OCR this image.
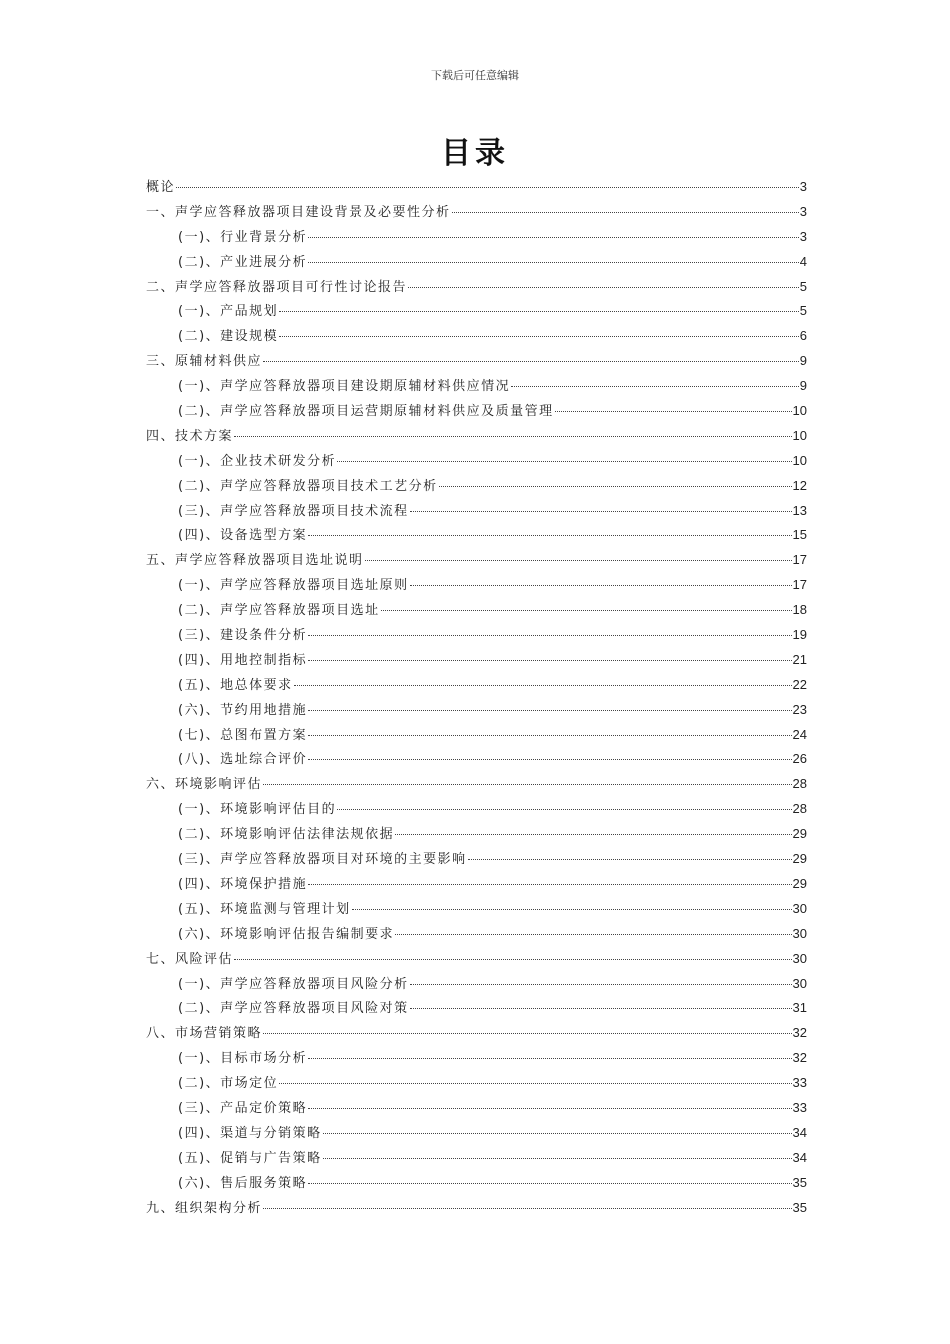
下载后可任意编辑
目录
概论	3
一、声学应答释放器项目建设背景及必要性分析	3
(一)、行业背景分析	3
(二)、产业进展分析	4
二、声学应答释放器项目可行性讨论报告	5
(一)、产品规划	5
(二)、建设规模	6
三、原辅材料供应	9
(一)、声学应答释放器项目建设期原辅材料供应情况	9
(二)、声学应答释放器项目运营期原辅材料供应及质量管理	10
四、技术方案	10
(一)、企业技术研发分析	10
(二)、声学应答释放器项目技术工艺分析	12
(三)、声学应答释放器项目技术流程	13
(四)、设备选型方案	15
五、声学应答释放器项目选址说明	17
(一)、声学应答释放器项目选址原则	17
(二)、声学应答释放器项目选址	18
(三)、建设条件分析	19
(四)、用地控制指标	21
(五)、地总体要求	22
(六)、节约用地措施	23
(七)、总图布置方案	24
(八)、选址综合评价	26
六、环境影响评估	28
(一)、环境影响评估目的	28
(二)、环境影响评估法律法规依据	29
(三)、声学应答释放器项目对环境的主要影响	29
(四)、环境保护措施	29
(五)、环境监测与管理计划	30
(六)、环境影响评估报告编制要求	30
七、风险评估	30
(一)、声学应答释放器项目风险分析	30
(二)、声学应答释放器项目风险对策	31
八、市场营销策略	32
(一)、目标市场分析	32
(二)、市场定位	33
(三)、产品定价策略	33
(四)、渠道与分销策略	34
(五)、促销与广告策略	34
(六)、售后服务策略	35
九、组织架构分析	35
